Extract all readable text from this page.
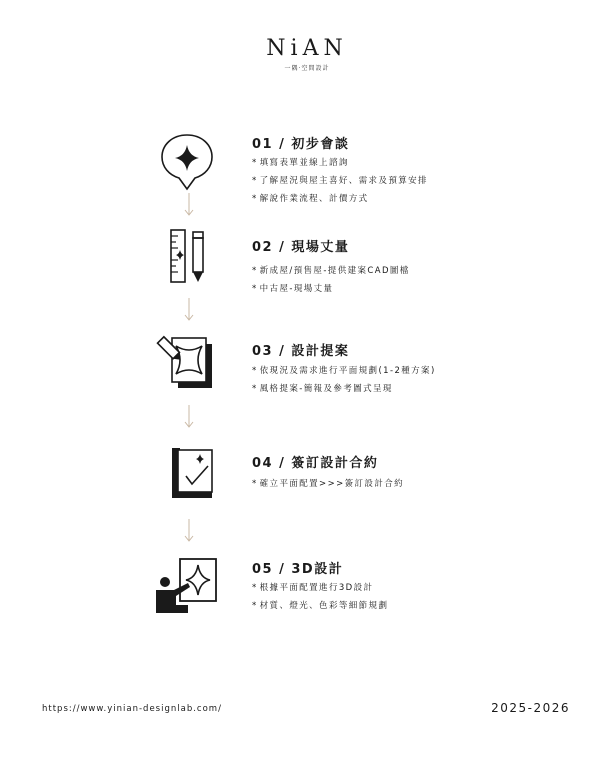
NiAN
一隅·空間設計
01 / 初步會談
* 填寫表單並線上諮詢
* 了解屋況與屋主喜好、需求及預算安排
* 解說作業流程、計價方式
02 / 現場丈量
* 新成屋/預售屋-提供建案CAD圖檔
* 中古屋-現場丈量
03 / 設計提案
* 依現況及需求進行平面規劃(1-2種方案)
* 風格提案-簡報及參考圖式呈現
04 / 簽訂設計合約
* 確立平面配置>>>簽訂設計合約
05 / 3D設計
* 根據平面配置進行3D設計
* 材質、燈光、色彩等細節規劃
https://www.yinian-designlab.com/	2025-2026
